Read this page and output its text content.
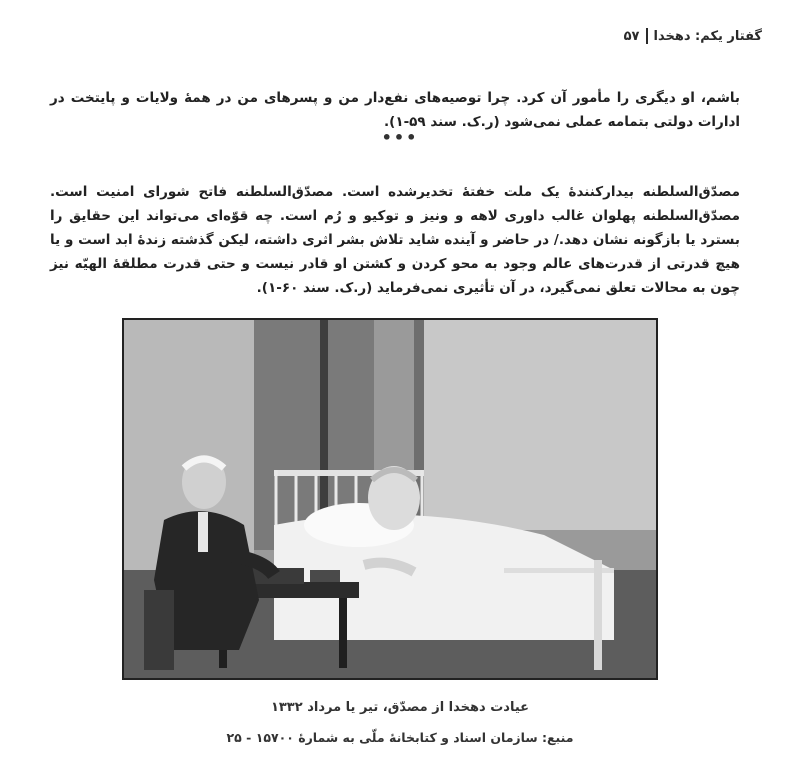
گفتار یکم: دهخدا
۵۷

باشم، او دیگری را مأمور آن کرد. چرا توصیه‌های نفع‌دار من و پسرهای من در همهٔ ولایات و پایتخت در ادارات دولتی بتمامه عملی نمی‌شود (ر.ک. سند ۵۹-۱).

•••

مصدّق‌السلطنه بیدارکنندهٔ یک ملت خفتهٔ تخدیرشده است. مصدّق‌السلطنه فاتح شورای امنیت است. مصدّق‌السلطنه پهلوان غالب داوری لاهه و ونیز و توکیو و رُم است. چه قوّه‌ای می‌تواند این حقایق را بسترد یا بازگونه نشان دهد./ در حاضر و آینده شاید تلاش بشر اثری داشته، لیکن گذشته زندهٔ ابد است و یا هیچ قدرتی از قدرت‌های عالم وجود به محو کردن و کشتن او قادر نیست و حتی قدرت مطلقهٔ الهیّه نیز چون به محالات تعلق نمی‌گیرد، در آن تأثیری نمی‌فرماید (ر.ک. سند ۶۰-۱).

عیادت دهخدا از مصدّق، تیر یا مرداد ۱۳۳۲
منبع: سازمان اسناد و کتابخانهٔ ملّی به شمارهٔ ۱۵۷۰۰ - ۲۵
